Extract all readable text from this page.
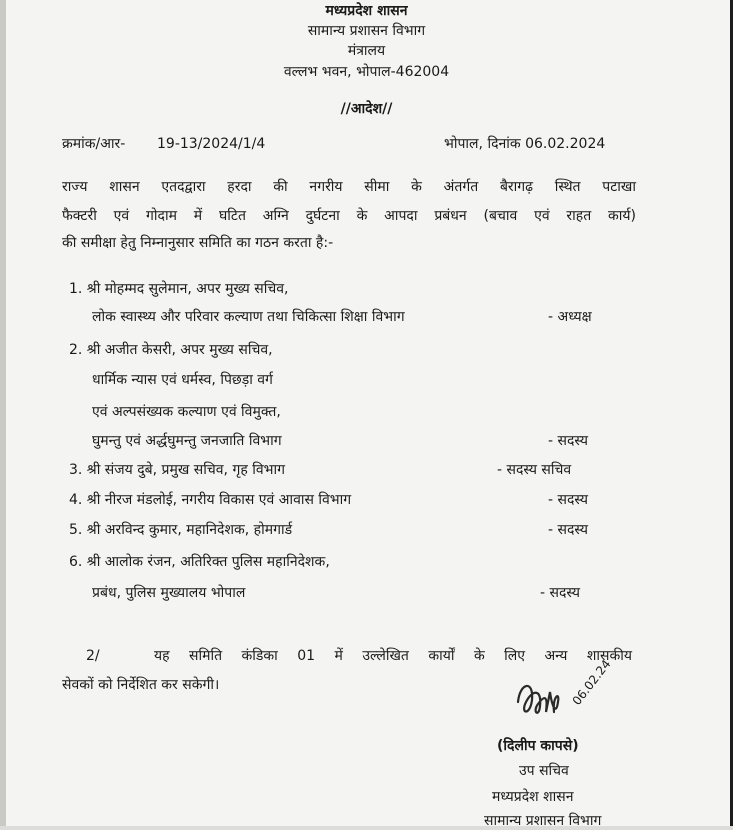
मध्यप्रदेश शासन
सामान्य प्रशासन विभाग
मंत्रालय
वल्लभ भवन, भोपाल-462004
//आदेश//
क्रमांक/आर- 19-13/2024/1/4	भोपाल, दिनांक 06.02.2024
राज्य शासन एतदद्वारा हरदा की नगरीय सीमा के अंतर्गत बैरागढ़ स्थित पटाखा
फैक्टरी एवं गोदाम में घटित अग्नि दुर्घटना के आपदा प्रबंधन (बचाव एवं राहत कार्य)
की समीक्षा हेतु निम्नानुसार समिति का गठन करता है:-
1. श्री मोहम्मद सुलेमान, अपर मुख्य सचिव,
लोक स्वास्थ्य और परिवार कल्याण तथा चिकित्सा शिक्षा विभाग	- अध्यक्ष
2. श्री अजीत केसरी, अपर मुख्य सचिव,
धार्मिक न्यास एवं धर्मस्व, पिछड़ा वर्ग
एवं अल्पसंख्यक कल्याण एवं विमुक्त,
घुमन्तु एवं अर्द्धघुमन्तु जनजाति विभाग	- सदस्य
3. श्री संजय दुबे, प्रमुख सचिव, गृह विभाग	- सदस्य सचिव
4. श्री नीरज मंडलोई, नगरीय विकास एवं आवास विभाग	- सदस्य
5. श्री अरविन्द कुमार, महानिदेशक, होमगार्ड	- सदस्य
6. श्री आलोक रंजन, अतिरिक्त पुलिस महानिदेशक,
प्रबंध, पुलिस मुख्यालय भोपाल	- सदस्य
2/	यह समिति कंडिका 01 में उल्लेखित कार्यों के लिए अन्य शासकीय
सेवकों को निर्देशित कर सकेगी।	06.02.24
(दिलीप कापसे)
उप सचिव
मध्यप्रदेश शासन
सामान्य प्रशासन विभाग
